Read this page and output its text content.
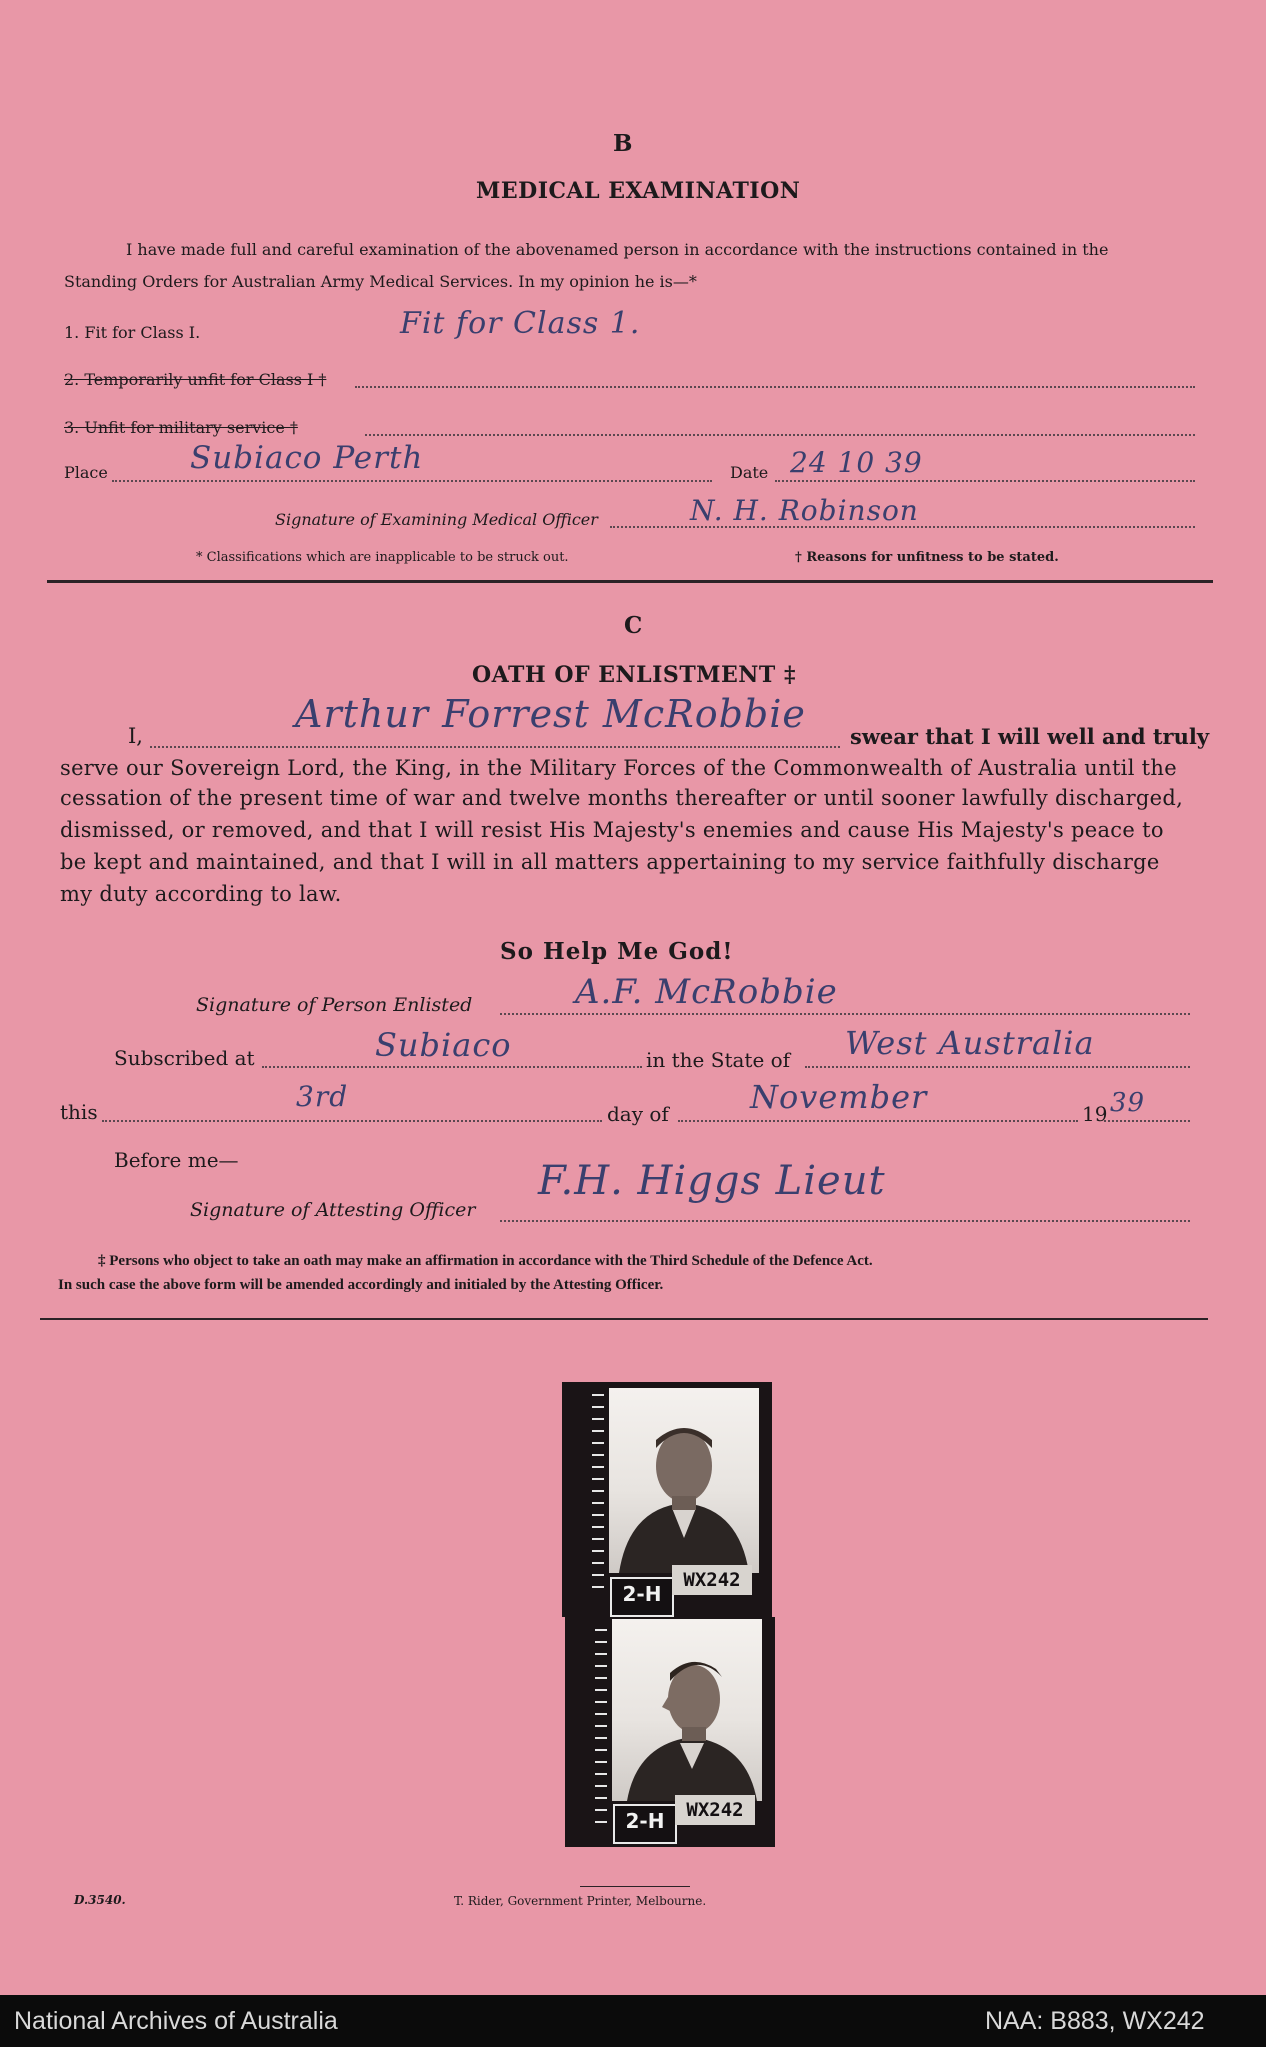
B
MEDICAL EXAMINATION
I have made full and careful examination of the abovenamed person in accordance with the instructions contained in the
Standing Orders for Australian Army Medical Services. In my opinion he is—*
1. Fit for Class I.	Fit for Class 1.
2. Temporarily unfit for Class I †
3. Unfit for military service †
Place	Subiaco Perth	Date 24 10 39
Signature of Examining Medical Officer	N. H. Robinson
* Classifications which are inapplicable to be struck out.	† Reasons for unfitness to be stated.
C
OATH OF ENLISTMENT ‡
I,	Arthur Forrest McRobbie
swear that I will well and truly
serve our Sovereign Lord, the King, in the Military Forces of the Commonwealth of Australia until the
cessation of the present time of war and twelve months thereafter or until sooner lawfully discharged,
dismissed, or removed, and that I will resist His Majesty's enemies and cause His Majesty's peace to
be kept and maintained, and that I will in all matters appertaining to my service faithfully discharge
my duty according to law.
So Help Me God!
Signature of Person Enlisted	A.F. McRobbie
Subscribed at	Subiaco	in the State of West Australia
this	3rd
day of	November	19 39
Before me—
Signature of Attesting Officer
F.H. Higgs Lieut
‡ Persons who object to take an oath may make an affirmation in accordance with the Third Schedule of the Defence Act.
In such case the above form will be amended accordingly and initialed by the Attesting Officer.
2-H
WX242
2-H	WX242
D.3540.	T. Rider, Government Printer, Melbourne.
National Archives of Australia	NAA: B883, WX242
